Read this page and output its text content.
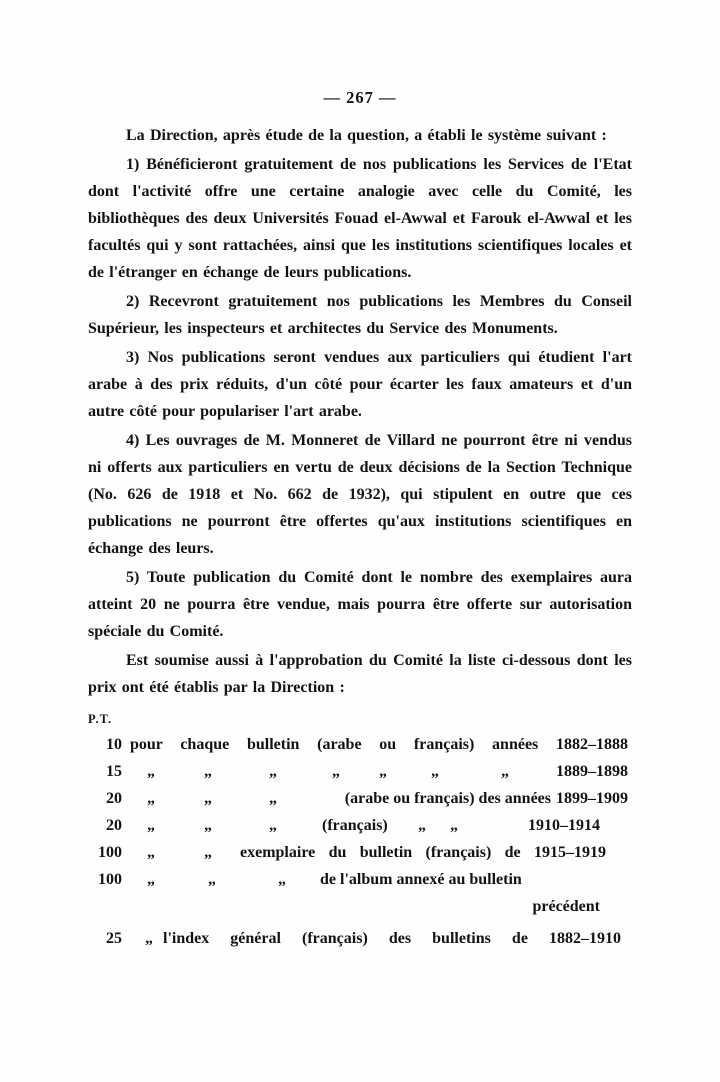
— 267 —

La Direction, après étude de la question, a établi le système suivant :

1) Bénéficieront gratuitement de nos publications les Services de l'Etat dont l'activité offre une certaine analogie avec celle du Comité, les bibliothèques des deux Universités Fouad el-Awwal et Farouk el-Awwal et les facultés qui y sont rattachées, ainsi que les institutions scientifiques locales et de l'étranger en échange de leurs publications.

2) Recevront gratuitement nos publications les Membres du Conseil Supérieur, les inspecteurs et architectes du Service des Monuments.

3) Nos publications seront vendues aux particuliers qui étudient l'art arabe à des prix réduits, d'un côté pour écarter les faux amateurs et d'un autre côté pour populariser l'art arabe.

4) Les ouvrages de M. Monneret de Villard ne pourront être ni vendus ni offerts aux particuliers en vertu de deux décisions de la Section Technique (No. 626 de 1918 et No. 662 de 1932), qui stipulent en outre que ces publications ne pourront être offertes qu'aux institutions scientifiques en échange des leurs.

5) Toute publication du Comité dont le nombre des exemplaires aura atteint 20 ne pourra être vendue, mais pourra être offerte sur autorisation spéciale du Comité.

Est soumise aussi à l'approbation du Comité la liste ci-dessous dont les prix ont été établis par la Direction :

P.T.
10 pour chaque bulletin (arabe ou français) années 1882–1888
15 „	„	„	„ „	„	„	1889–1898
20 „	„	„	(arabe ou français) des années 1899–1909
20 „	„	„	(français) „ „	1910–1914
100 „	„ exemplaire du bulletin (français) de 1915–1919
100 „	„	„ de l'album annexé au bulletin
précédent
25 „ l'index général (français) des bulletins de 1882–1910
